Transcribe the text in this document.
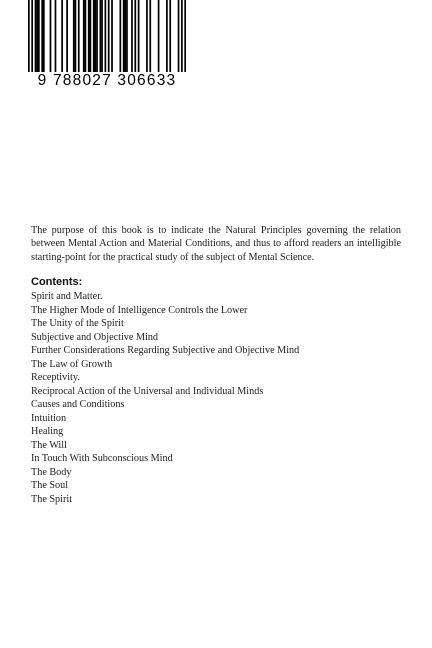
9 788027 306633

The purpose of this book is to indicate the Natural Principles governing the relation between Mental Action and Material Conditions, and thus to afford readers an intelligible starting-point for the practical study of the subject of Mental Science.

Contents:
Spirit and Matter.
The Higher Mode of Intelligence Controls the Lower
The Unity of the Spirit
Subjective and Objective Mind
Further Considerations Regarding Subjective and Objective Mind
The Law of Growth
Receptivity.
Reciprocal Action of the Universal and Individual Minds
Causes and Conditions
Intuition
Healing
The Will
In Touch With Subconscious Mind
The Body
The Soul
The Spirit
